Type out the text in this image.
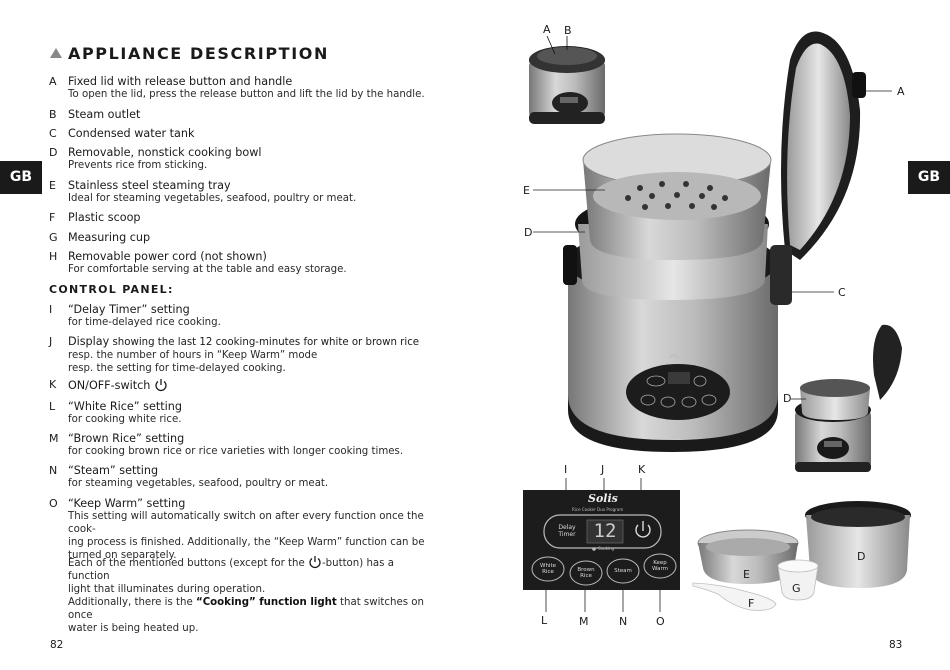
GB	GB
APPLIANCE DESCRIPTION
A Fixed lid with release button and handle
To open the lid, press the release button and lift the lid by the handle.
B Steam outlet
C Condensed water tank
D Removable, nonstick cooking bowl
Prevents rice from sticking.
E Stainless steel steaming tray
Ideal for steaming vegetables, seafood, poultry or meat.
F Plastic scoop
G Measuring cup
H Removable power cord (not shown)
For comfortable serving at the table and easy storage.
CONTROL PANEL:
I “Delay Timer” setting
for time-delayed rice cooking.
J Display showing the last 12 cooking-minutes for white or brown rice
resp. the number of hours in “Keep Warm” mode
resp. the setting for time-delayed cooking.
K ON/OFF-switch
L “White Rice” setting
for cooking white rice.
M “Brown Rice” setting
for cooking brown rice or rice varieties with longer cooking times.
N “Steam” setting
for steaming vegetables, seafood, poultry or meat.
O “Keep Warm” setting
This setting will automatically switch on after every function once the cook-
ing process is finished. Additionally, the “Keep Warm” function can be
turned on separately.
Each of the mentioned buttons (except for the -button) has a function
light that illuminates during operation.
Additionally, there is the “Cooking” function light that switches on once
water is being heated up.
82	83
A B
A
E
D
C
D
I	J	K
L	M	N	O
D
E
G
F
Solis
Rice Cooker Duo Program
Delay Timer 12
Cooking
White Rice	Brown Rice
Steam
Keep Warm
